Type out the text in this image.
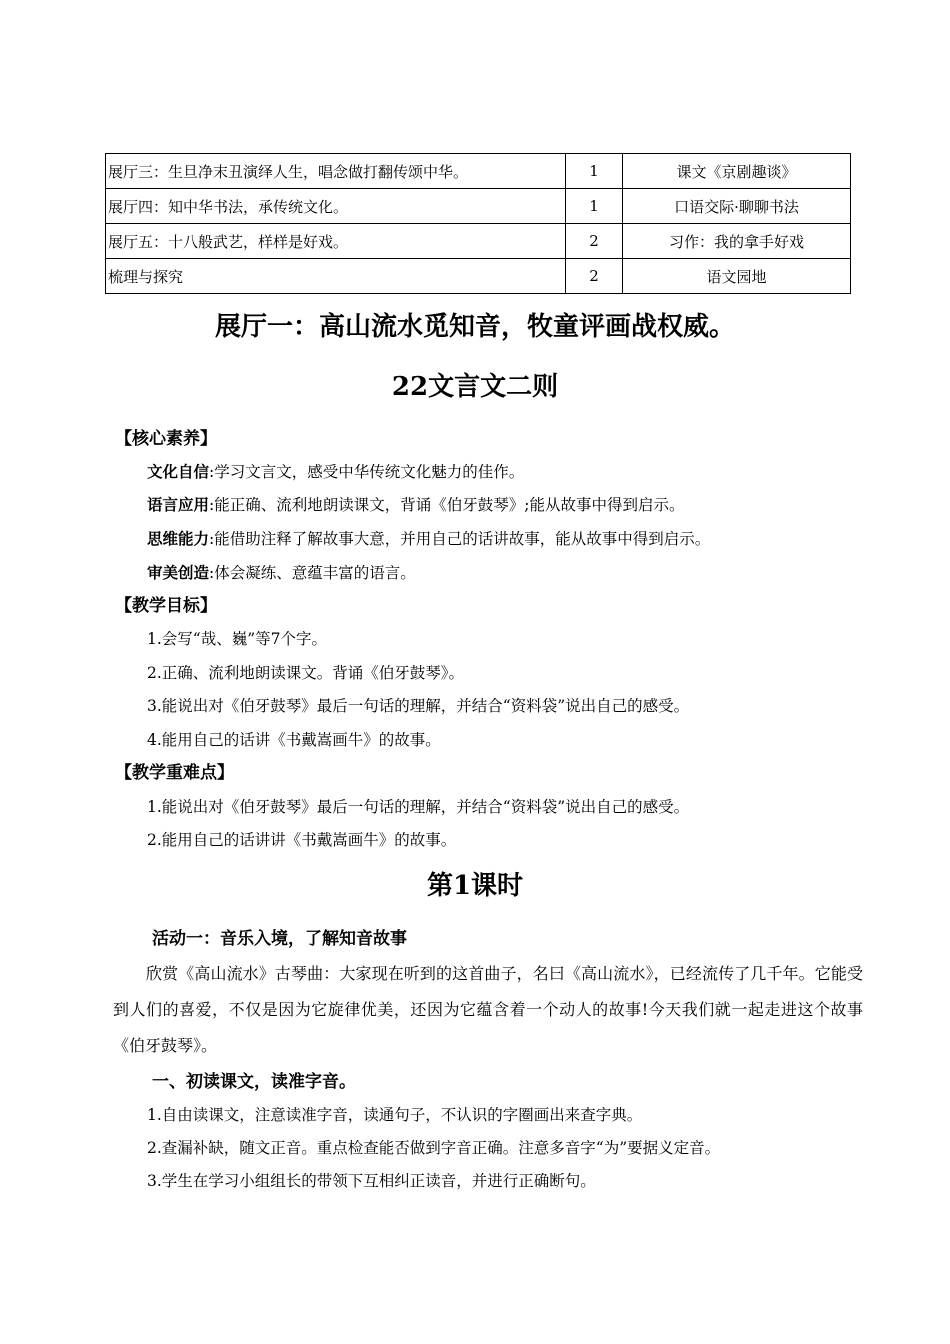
展厅三：生旦净末丑演绎人生，唱念做打翻传颂中华。	1	课文《京剧趣谈》
展厅四：知中华书法，承传统文化。	1	口语交际·聊聊书法
展厅五：十八般武艺，样样是好戏。	2	习作：我的拿手好戏
梳理与探究	2	语文园地
展厅一：高山流水觅知音，牧童评画战权威。
22文言文二则
【核心素养】
文化自信:学习文言文，感受中华传统文化魅力的佳作。
语言应用:能正确、流利地朗读课文，背诵《伯牙鼓琴》;能从故事中得到启示。
思维能力:能借助注释了解故事大意，并用自己的话讲故事，能从故事中得到启示。
审美创造:体会凝练、意蕴丰富的语言。
【教学目标】
1.会写“哉、巍”等7个字。
2.正确、流利地朗读课文。背诵《伯牙鼓琴》。
3.能说出对《伯牙鼓琴》最后一句话的理解，并结合“资料袋”说出自己的感受。
4.能用自己的话讲《书戴嵩画牛》的故事。
【教学重难点】
1.能说出对《伯牙鼓琴》最后一句话的理解，并结合“资料袋”说出自己的感受。
2.能用自己的话讲讲《书戴嵩画牛》的故事。
第1课时
活动一：音乐入境，了解知音故事
欣赏《高山流水》古琴曲：大家现在听到的这首曲子，名曰《高山流水》，已经流传了几千年。它能受到人们的喜爱，不仅是因为它旋律优美，还因为它蕴含着一个动人的故事!今天我们就一起走进这个故事《伯牙鼓琴》。
一、初读课文，读准字音。
1.自由读课文，注意读准字音，读通句子，不认识的字圈画出来查字典。
2.查漏补缺，随文正音。重点检查能否做到字音正确。注意多音字“为”要据义定音。
3.学生在学习小组组长的带领下互相纠正读音，并进行正确断句。
